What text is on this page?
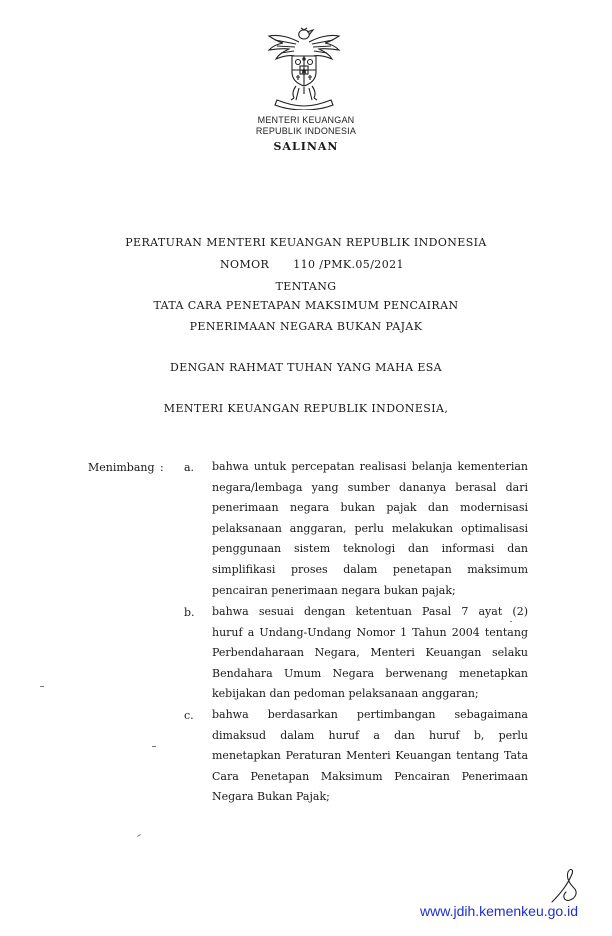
MENTERI KEUANGAN
REPUBLIK INDONESIA
SALINAN
PERATURAN MENTERI KEUANGAN REPUBLIK INDONESIA
NOMOR 110 /PMK.05/2021
TENTANG
TATA CARA PENETAPAN MAKSIMUM PENCAIRAN
PENERIMAAN NEGARA BUKAN PAJAK
DENGAN RAHMAT TUHAN YANG MAHA ESA
MENTERI KEUANGAN REPUBLIK INDONESIA,
Menimbang : a. bahwa untuk percepatan realisasi belanja kementerian
negara/lembaga yang sumber dananya berasal dari
penerimaan negara bukan pajak dan modernisasi
pelaksanaan anggaran, perlu melakukan optimalisasi
penggunaan sistem teknologi dan informasi dan
simplifikasi proses dalam penetapan maksimum
pencairan penerimaan negara bukan pajak;
b. bahwa sesuai dengan ketentuan Pasal 7 ayat (2)
huruf a Undang-Undang Nomor 1 Tahun 2004 tentang
Perbendaharaan Negara, Menteri Keuangan selaku
Bendahara Umum Negara berwenang menetapkan
kebijakan dan pedoman pelaksanaan anggaran;
c. bahwa berdasarkan pertimbangan sebagaimana
dimaksud dalam huruf a dan huruf b, perlu
menetapkan Peraturan Menteri Keuangan tentang Tata
Cara Penetapan Maksimum Pencairan Penerimaan
Negara Bukan Pajak;
www.jdih.kemenkeu.go.id
